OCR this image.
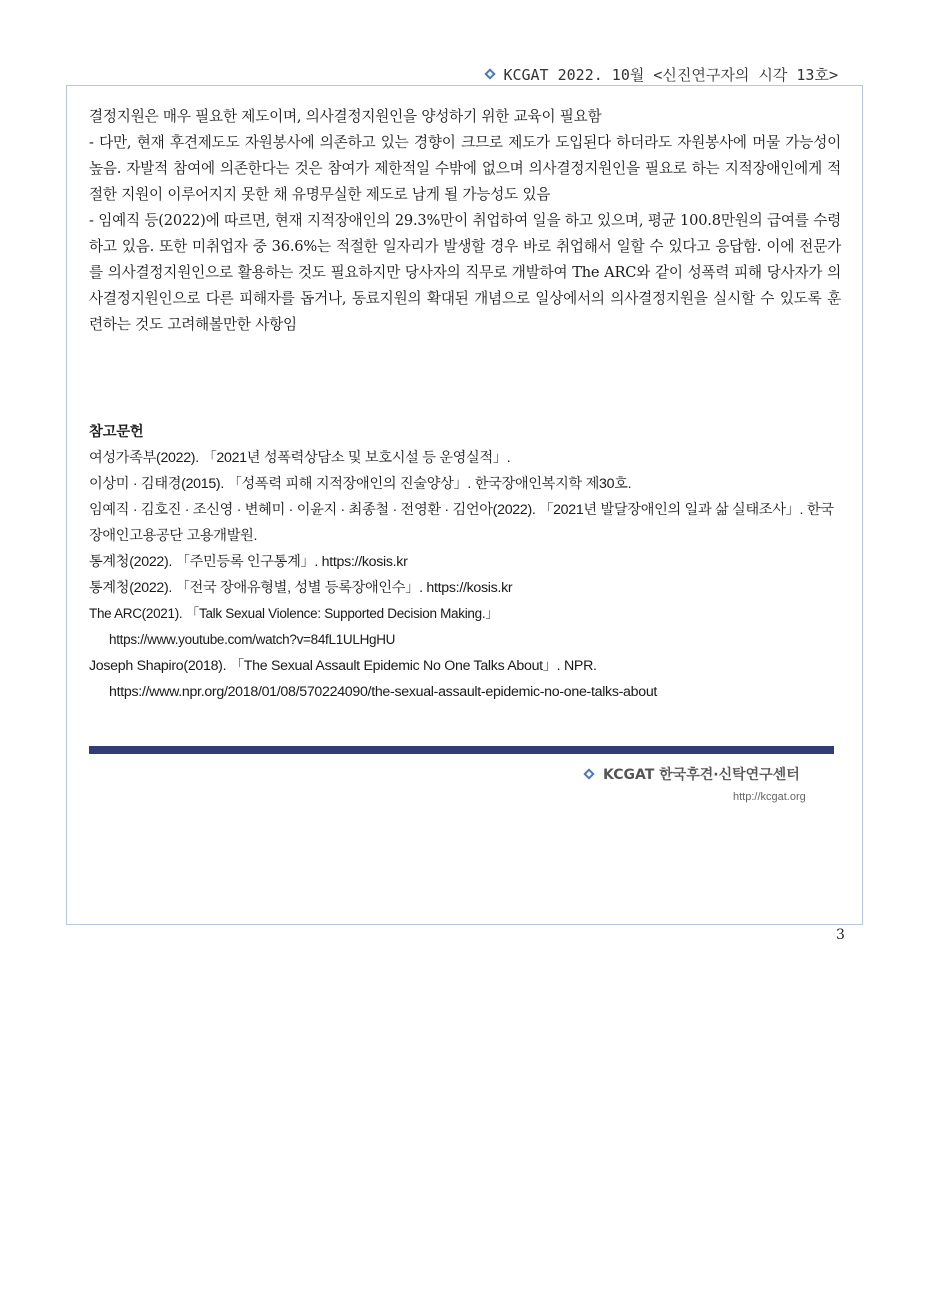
KCGAT 2022. 10월 <신진연구자의 시각 13호>

결정지원은 매우 필요한 제도이며, 의사결정지원인을 양성하기 위한 교육이 필요함

- 다만, 현재 후견제도도 자원봉사에 의존하고 있는 경향이 크므로 제도가 도입된다 하더라도 자원봉사에 머물 가능성이 높음. 자발적 참여에 의존한다는 것은 참여가 제한적일 수밖에 없으며 의사결정지원인을 필요로 하는 지적장애인에게 적절한 지원이 이루어지지 못한 채 유명무실한 제도로 남게 될 가능성도 있음

- 임예직 등(2022)에 따르면, 현재 지적장애인의 29.3%만이 취업하여 일을 하고 있으며, 평균 100.8만원의 급여를 수령하고 있음. 또한 미취업자 중 36.6%는 적절한 일자리가 발생할 경우 바로 취업해서 일할 수 있다고 응답함. 이에 전문가를 의사결정지원인으로 활용하는 것도 필요하지만 당사자의 직무로 개발하여 The ARC와 같이 성폭력 피해 당사자가 의사결정지원인으로 다른 피해자를 돕거나, 동료지원의 확대된 개념으로 일상에서의 의사결정지원을 실시할 수 있도록 훈련하는 것도 고려해볼만한 사항임

참고문헌

여성가족부(2022). 「2021년 성폭력상담소 및 보호시설 등 운영실적」.

이상미 · 김태경(2015). 「성폭력 피해 지적장애인의 진술양상」. 한국장애인복지학 제30호.

임예직 · 김호진 · 조신영 · 변혜미 · 이윤지 · 최종철 · 전영환 · 김언아(2022). 「2021년 발달장애인의 일과 삶 실태조사」. 한국장애인고용공단 고용개발원.

통계청(2022). 「주민등록 인구통계」. https://kosis.kr

통계청(2022). 「전국 장애유형별, 성별 등록장애인수」. https://kosis.kr

The ARC(2021). 「Talk Sexual Violence: Supported Decision Making.」

https://www.youtube.com/watch?v=84fL1ULHgHU

Joseph Shapiro(2018). 「The Sexual Assault Epidemic No One Talks About」. NPR.

https://www.npr.org/2018/01/08/570224090/the-sexual-assault-epidemic-no-one-talks-about

KCGAT 한국후견·신탁연구센터
http://kcgat.org
3
